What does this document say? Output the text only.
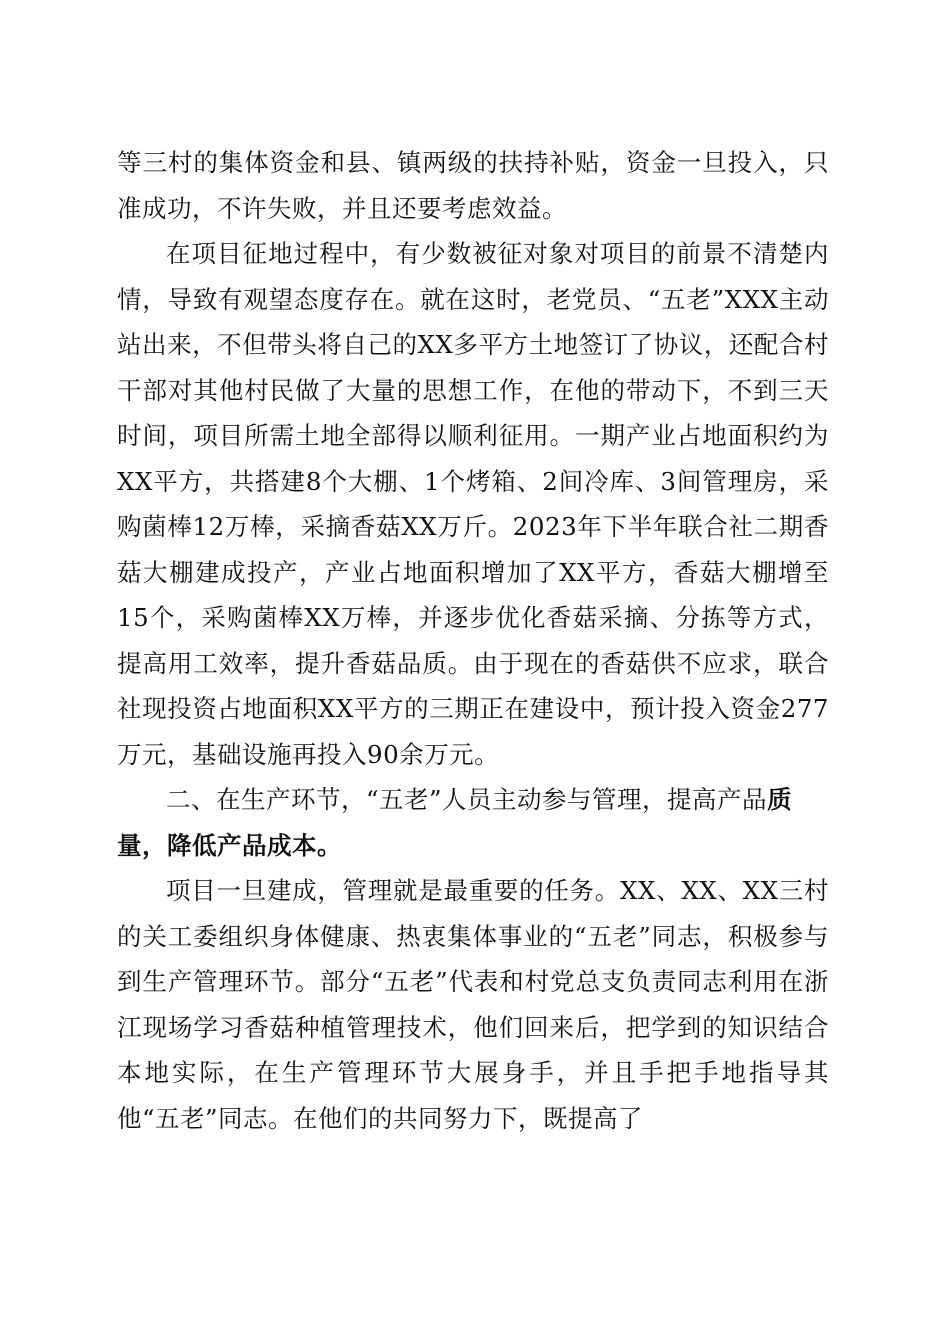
等三村的集体资金和县、镇两级的扶持补贴，资金一旦投入，只准成功，不许失败，并且还要考虑效益。

在项目征地过程中，有少数被征对象对项目的前景不清楚内情，导致有观望态度存在。就在这时，老党员、“五老”XXX主动站出来，不但带头将自己的XX多平方土地签订了协议，还配合村干部对其他村民做了大量的思想工作，在他的带动下，不到三天时间，项目所需土地全部得以顺利征用。一期产业占地面积约为XX平方，共搭建8个大棚、1个烤箱、2间冷库、3间管理房，采购菌棒12万棒，采摘香菇XX万斤。2023年下半年联合社二期香菇大棚建成投产，产业占地面积增加了XX平方，香菇大棚增至15个，采购菌棒XX万棒，并逐步优化香菇采摘、分拣等方式，提高用工效率，提升香菇品质。由于现在的香菇供不应求，联合社现投资占地面积XX平方的三期正在建设中，预计投入资金277万元，基础设施再投入90余万元。

二、在生产环节，“五老”人员主动参与管理，提高产品质量，降低产品成本。

项目一旦建成，管理就是最重要的任务。XX、XX、XX三村的关工委组织身体健康、热衷集体事业的“五老”同志，积极参与到生产管理环节。部分“五老”代表和村党总支负责同志利用在浙江现场学习香菇种植管理技术，他们回来后，把学到的知识结合本地实际，在生产管理环节大展身手，并且手把手地指导其他“五老”同志。在他们的共同努力下，既提高了
